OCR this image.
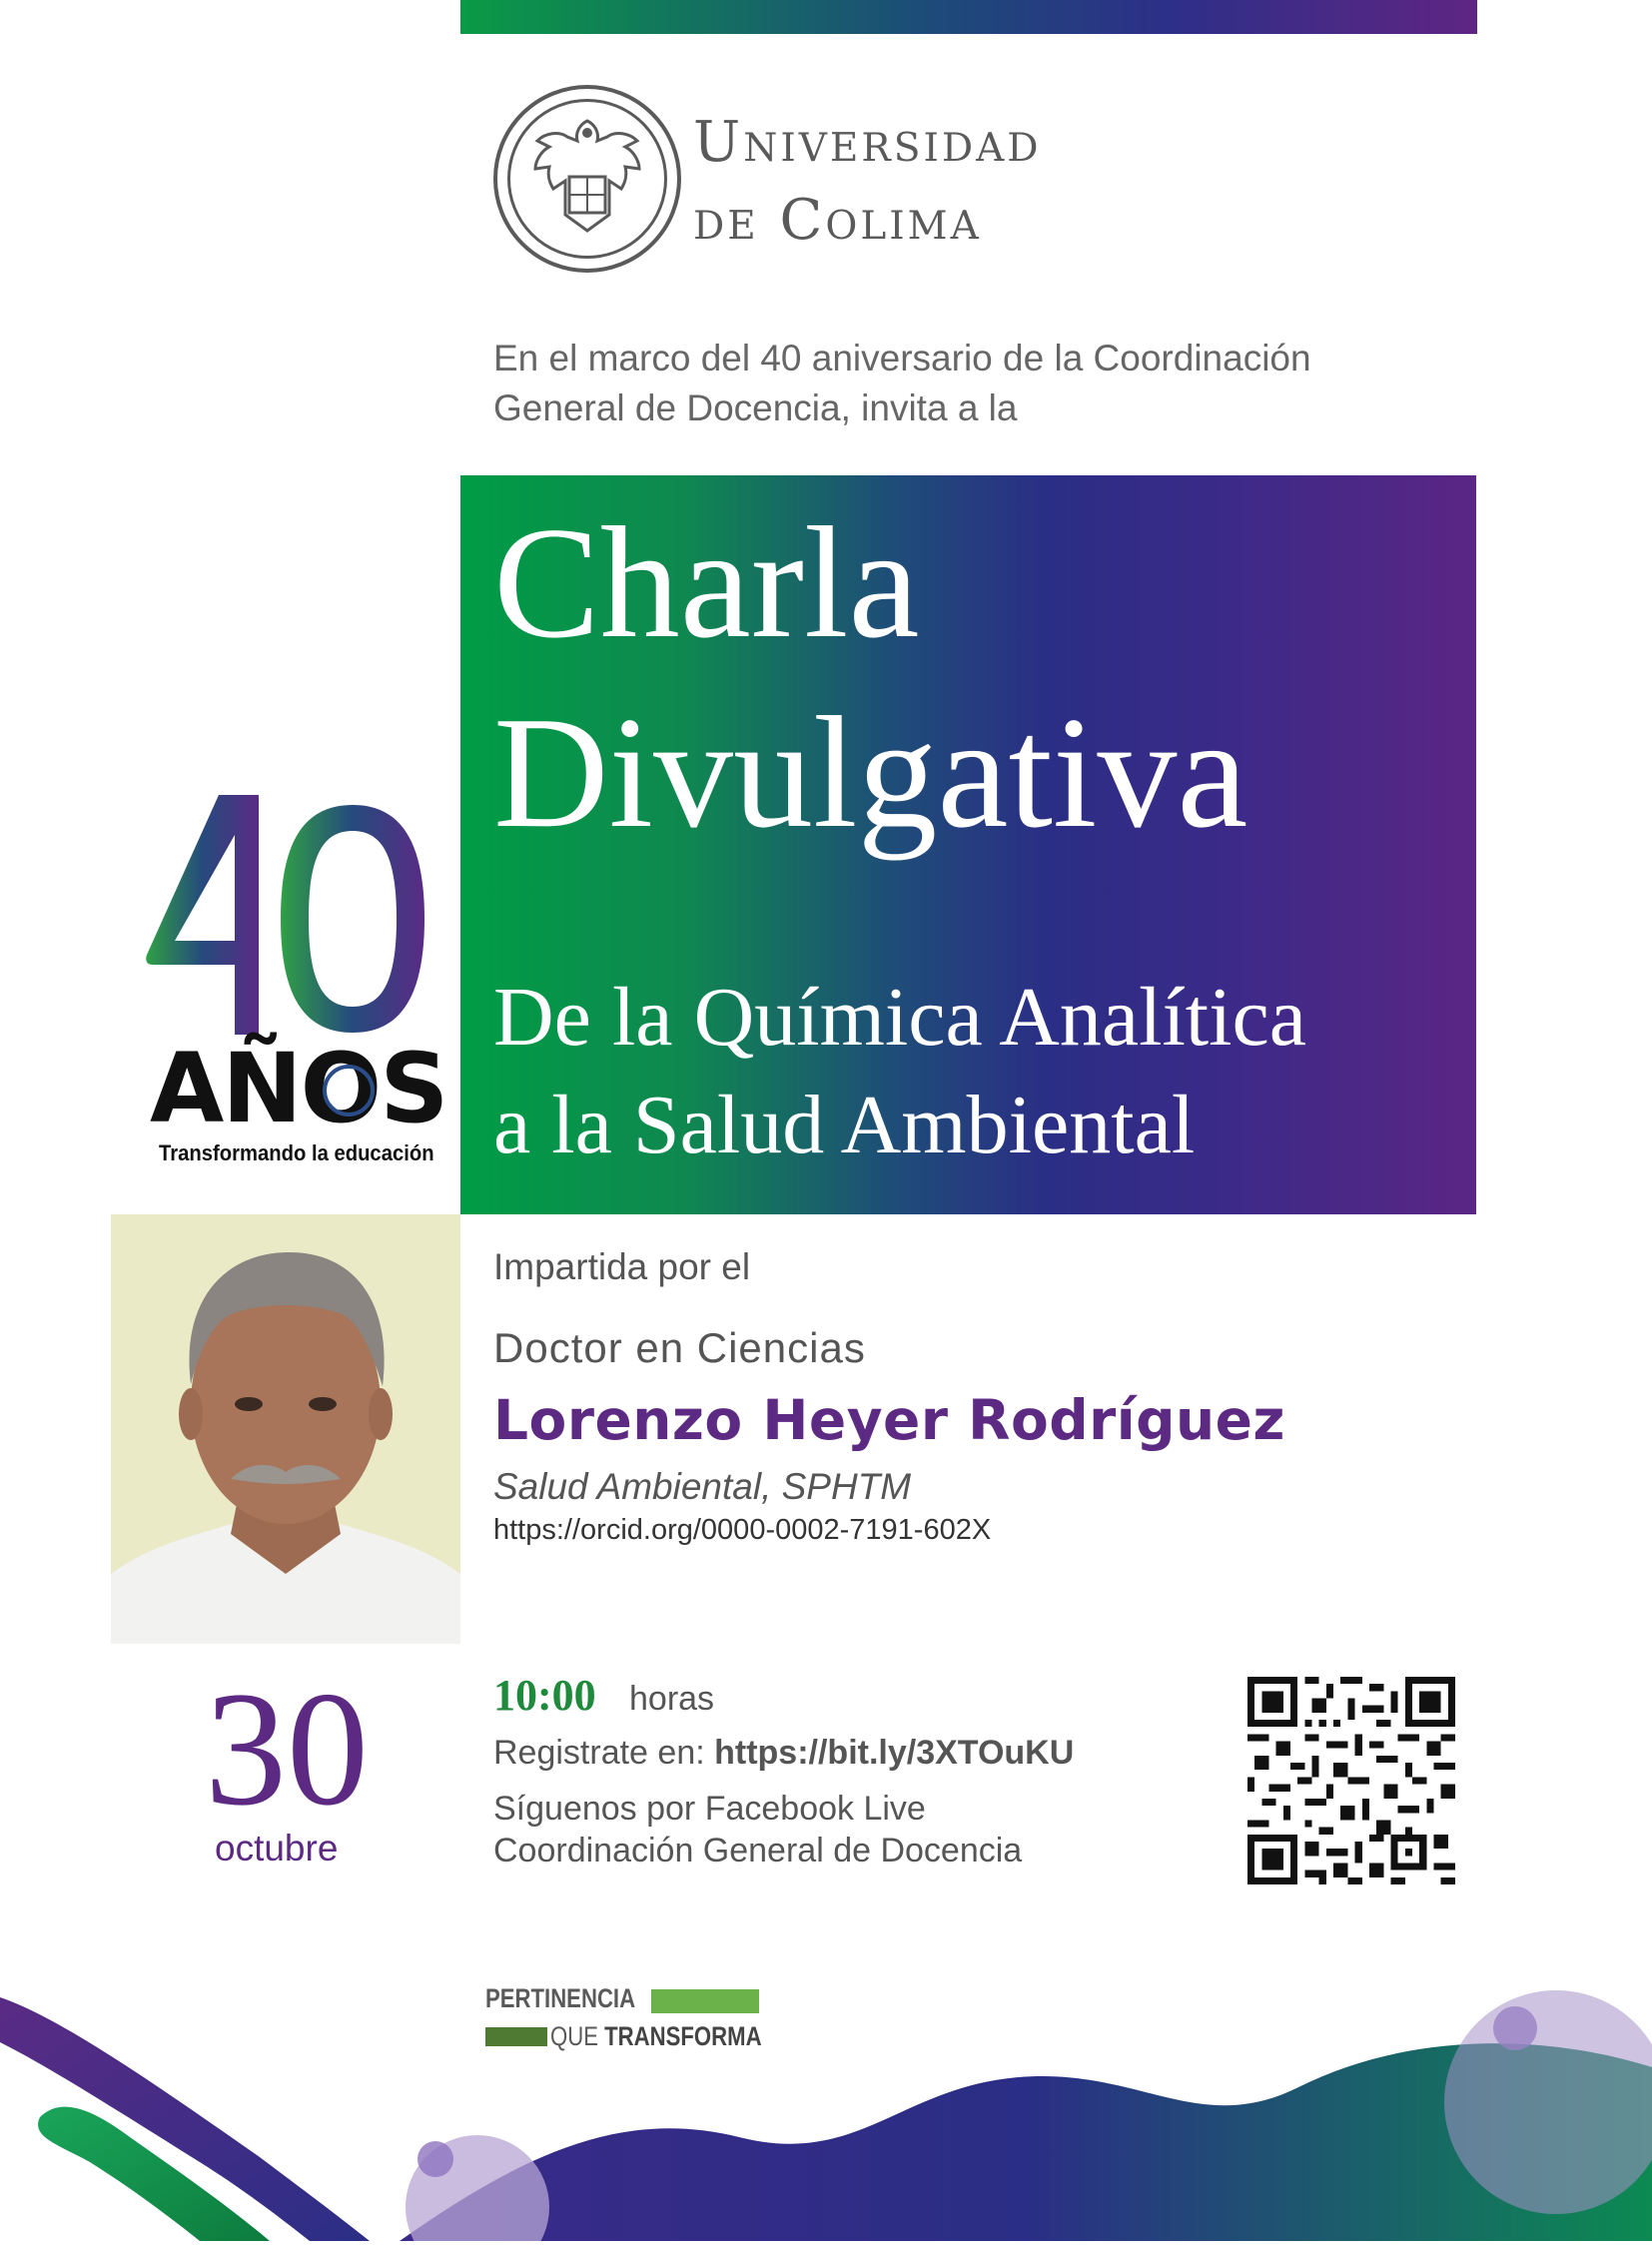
Universidad
de Colima
En el marco del 40 aniversario de la Coordinación
General de Docencia, invita a la
Charla
Divulgativa
De la Química Analítica
a la Salud Ambiental
AÑOS
Transformando la educación
Impartida por el
Doctor en Ciencias
Lorenzo Heyer Rodríguez
Salud Ambiental, SPHTM
https://orcid.org/0000-0002-7191-602X
30
octubre
10:00 horas
Registrate en: https://bit.ly/3XTOuKU
Síguenos por Facebook Live
Coordinación General de Docencia
PERTINENCIA
QUE TRANSFORMA
